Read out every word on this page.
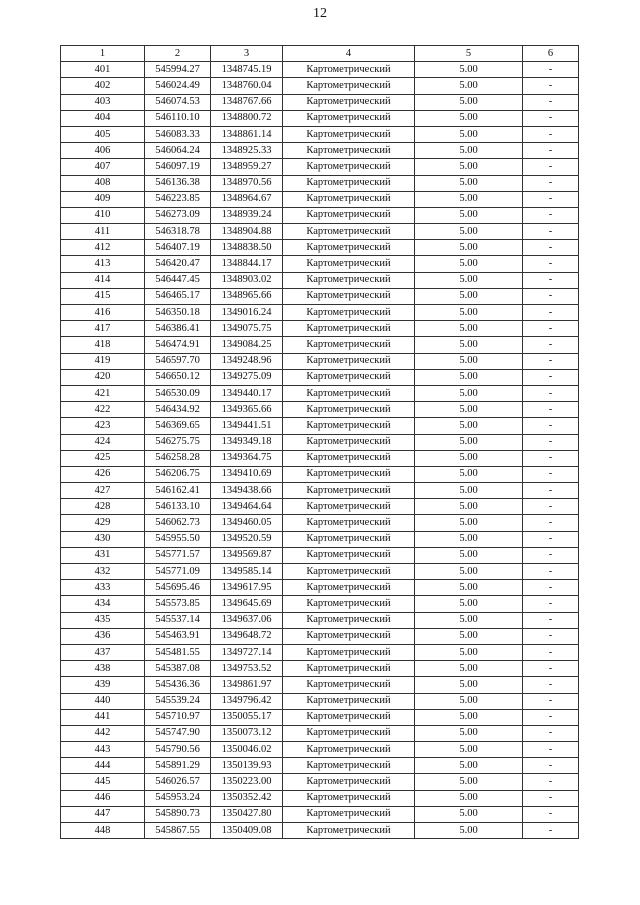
12
1	2	3	4	5	6
401	545994.27	1348745.19	Картометрический	5.00	-
402	546024.49	1348760.04	Картометрический	5.00	-
403	546074.53	1348767.66	Картометрический	5.00	-
404	546110.10	1348800.72	Картометрический	5.00	-
405	546083.33	1348861.14	Картометрический	5.00	-
406	546064.24	1348925.33	Картометрический	5.00	-
407	546097.19	1348959.27	Картометрический	5.00	-
408	546136.38	1348970.56	Картометрический	5.00	-
409	546223.85	1348964.67	Картометрический	5.00	-
410	546273.09	1348939.24	Картометрический	5.00	-
411	546318.78	1348904.88	Картометрический	5.00	-
412	546407.19	1348838.50	Картометрический	5.00	-
413	546420.47	1348844.17	Картометрический	5.00	-
414	546447.45	1348903.02	Картометрический	5.00	-
415	546465.17	1348965.66	Картометрический	5.00	-
416	546350.18	1349016.24	Картометрический	5.00	-
417	546386.41	1349075.75	Картометрический	5.00	-
418	546474.91	1349084.25	Картометрический	5.00	-
419	546597.70	1349248.96	Картометрический	5.00	-
420	546650.12	1349275.09	Картометрический	5.00	-
421	546530.09	1349440.17	Картометрический	5.00	-
422	546434.92	1349365.66	Картометрический	5.00	-
423	546369.65	1349441.51	Картометрический	5.00	-
424	546275.75	1349349.18	Картометрический	5.00	-
425	546258.28	1349364.75	Картометрический	5.00	-
426	546206.75	1349410.69	Картометрический	5.00	-
427	546162.41	1349438.66	Картометрический	5.00	-
428	546133.10	1349464.64	Картометрический	5.00	-
429	546062.73	1349460.05	Картометрический	5.00	-
430	545955.50	1349520.59	Картометрический	5.00	-
431	545771.57	1349569.87	Картометрический	5.00	-
432	545771.09	1349585.14	Картометрический	5.00	-
433	545695.46	1349617.95	Картометрический	5.00	-
434	545573.85	1349645.69	Картометрический	5.00	-
435	545537.14	1349637.06	Картометрический	5.00	-
436	545463.91	1349648.72	Картометрический	5.00	-
437	545481.55	1349727.14	Картометрический	5.00	-
438	545387.08	1349753.52	Картометрический	5.00	-
439	545436.36	1349861.97	Картометрический	5.00	-
440	545539.24	1349796.42	Картометрический	5.00	-
441	545710.97	1350055.17	Картометрический	5.00	-
442	545747.90	1350073.12	Картометрический	5.00	-
443	545790.56	1350046.02	Картометрический	5.00	-
444	545891.29	1350139.93	Картометрический	5.00	-
445	546026.57	1350223.00	Картометрический	5.00	-
446	545953.24	1350352.42	Картометрический	5.00	-
447	545890.73	1350427.80	Картометрический	5.00	-
448	545867.55	1350409.08	Картометрический	5.00	-
